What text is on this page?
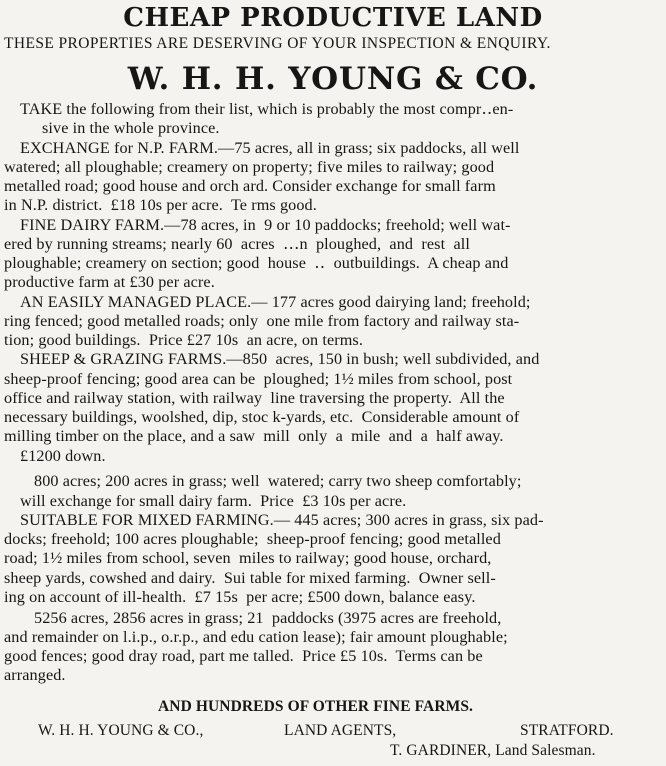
CHEAP PRODUCTIVE LAND
THESE PROPERTIES ARE DESERVING OF YOUR INSPECTION & ENQUIRY.
W. H. H. YOUNG & CO.
TAKE the following from their list, which is probably the most compr․․en-
sive in the whole province.
EXCHANGE for N.P. FARM.—75 acres, all in grass; six paddocks, all well
watered; all ploughable; creamery on property; five miles to railway; good
metalled road; good house and orch ard. Consider exchange for small farm
in N.P. district.  £18 10s per acre.  Te rms good.
FINE DAIRY FARM.—78 acres, in  9 or 10 paddocks; freehold; well wat-
ered by running streams; nearly 60  acres  ․․․n  ploughed,  and  rest  all
ploughable; creamery on section; good  house  ․․  outbuildings.  A cheap and
productive farm at £30 per acre.
AN EASILY MANAGED PLACE.— 177 acres good dairying land; freehold;
ring fenced; good metalled roads; only  one mile from factory and railway sta-
tion; good buildings.  Price £27 10s  an acre, on terms.
SHEEP & GRAZING FARMS.—850  acres, 150 in bush; well subdivided, and
sheep-proof fencing; good area can be  ploughed; 1½ miles from school, post
office and railway station, with railway  line traversing the property.  All the
necessary buildings, woolshed, dip, stoc k-yards, etc.  Considerable amount of
milling timber on the place, and a saw  mill  only  a  mile  and  a  half away.
£1200 down.
800 acres; 200 acres in grass; well  watered; carry two sheep comfortably;
will exchange for small dairy farm.  Price  £3 10s per acre.
SUITABLE FOR MIXED FARMING.— 445 acres; 300 acres in grass, six pad-
docks; freehold; 100 acres ploughable;  sheep-proof fencing; good metalled
road; 1½ miles from school, seven  miles to railway; good house, orchard,
sheep yards, cowshed and dairy.  Sui table for mixed farming.  Owner sell-
ing on account of ill-health.  £7 15s  per acre; £500 down, balance easy.
5256 acres, 2856 acres in grass; 21  paddocks (3975 acres are freehold,
and remainder on l.i.p., o.r.p., and edu cation lease); fair amount ploughable;
good fences; good dray road, part me talled.  Price £5 10s.  Terms can be
arranged.
AND HUNDREDS OF OTHER FINE FARMS.
W. H. H. YOUNG & CO.,	LAND AGENTS,	STRATFORD.
T. GARDINER, Land Salesman.
